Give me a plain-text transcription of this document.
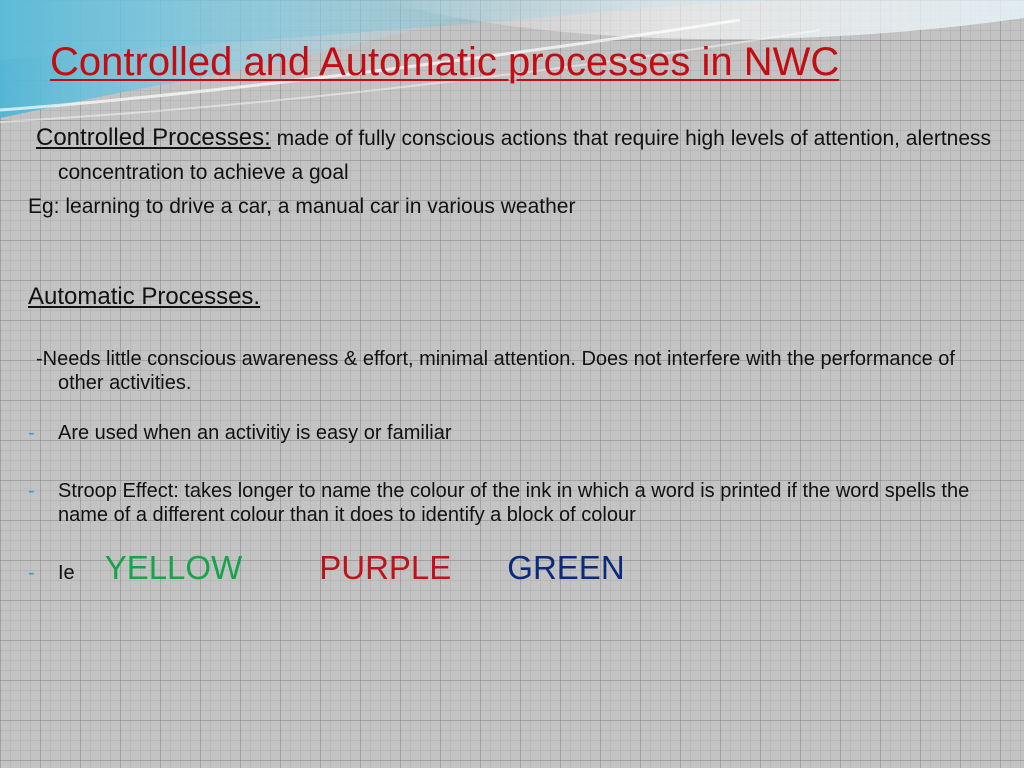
Controlled and Automatic processes in NWC

Controlled Processes: made of fully conscious actions that require high levels of attention, alertness

concentration to achieve a goal

Eg: learning to drive a car, a manual car in various weather

Automatic Processes.

-Needs little conscious awareness & effort, minimal attention. Does not interfere with the performance of other activities.

-	Are used when an activitiy is easy or familiar
-	Stroop Effect: takes longer to name the colour of the ink in which a word is printed if the word spells the name of a different colour than it does to identify a block of colour
-	Ie YELLOW PURPLE GREEN
